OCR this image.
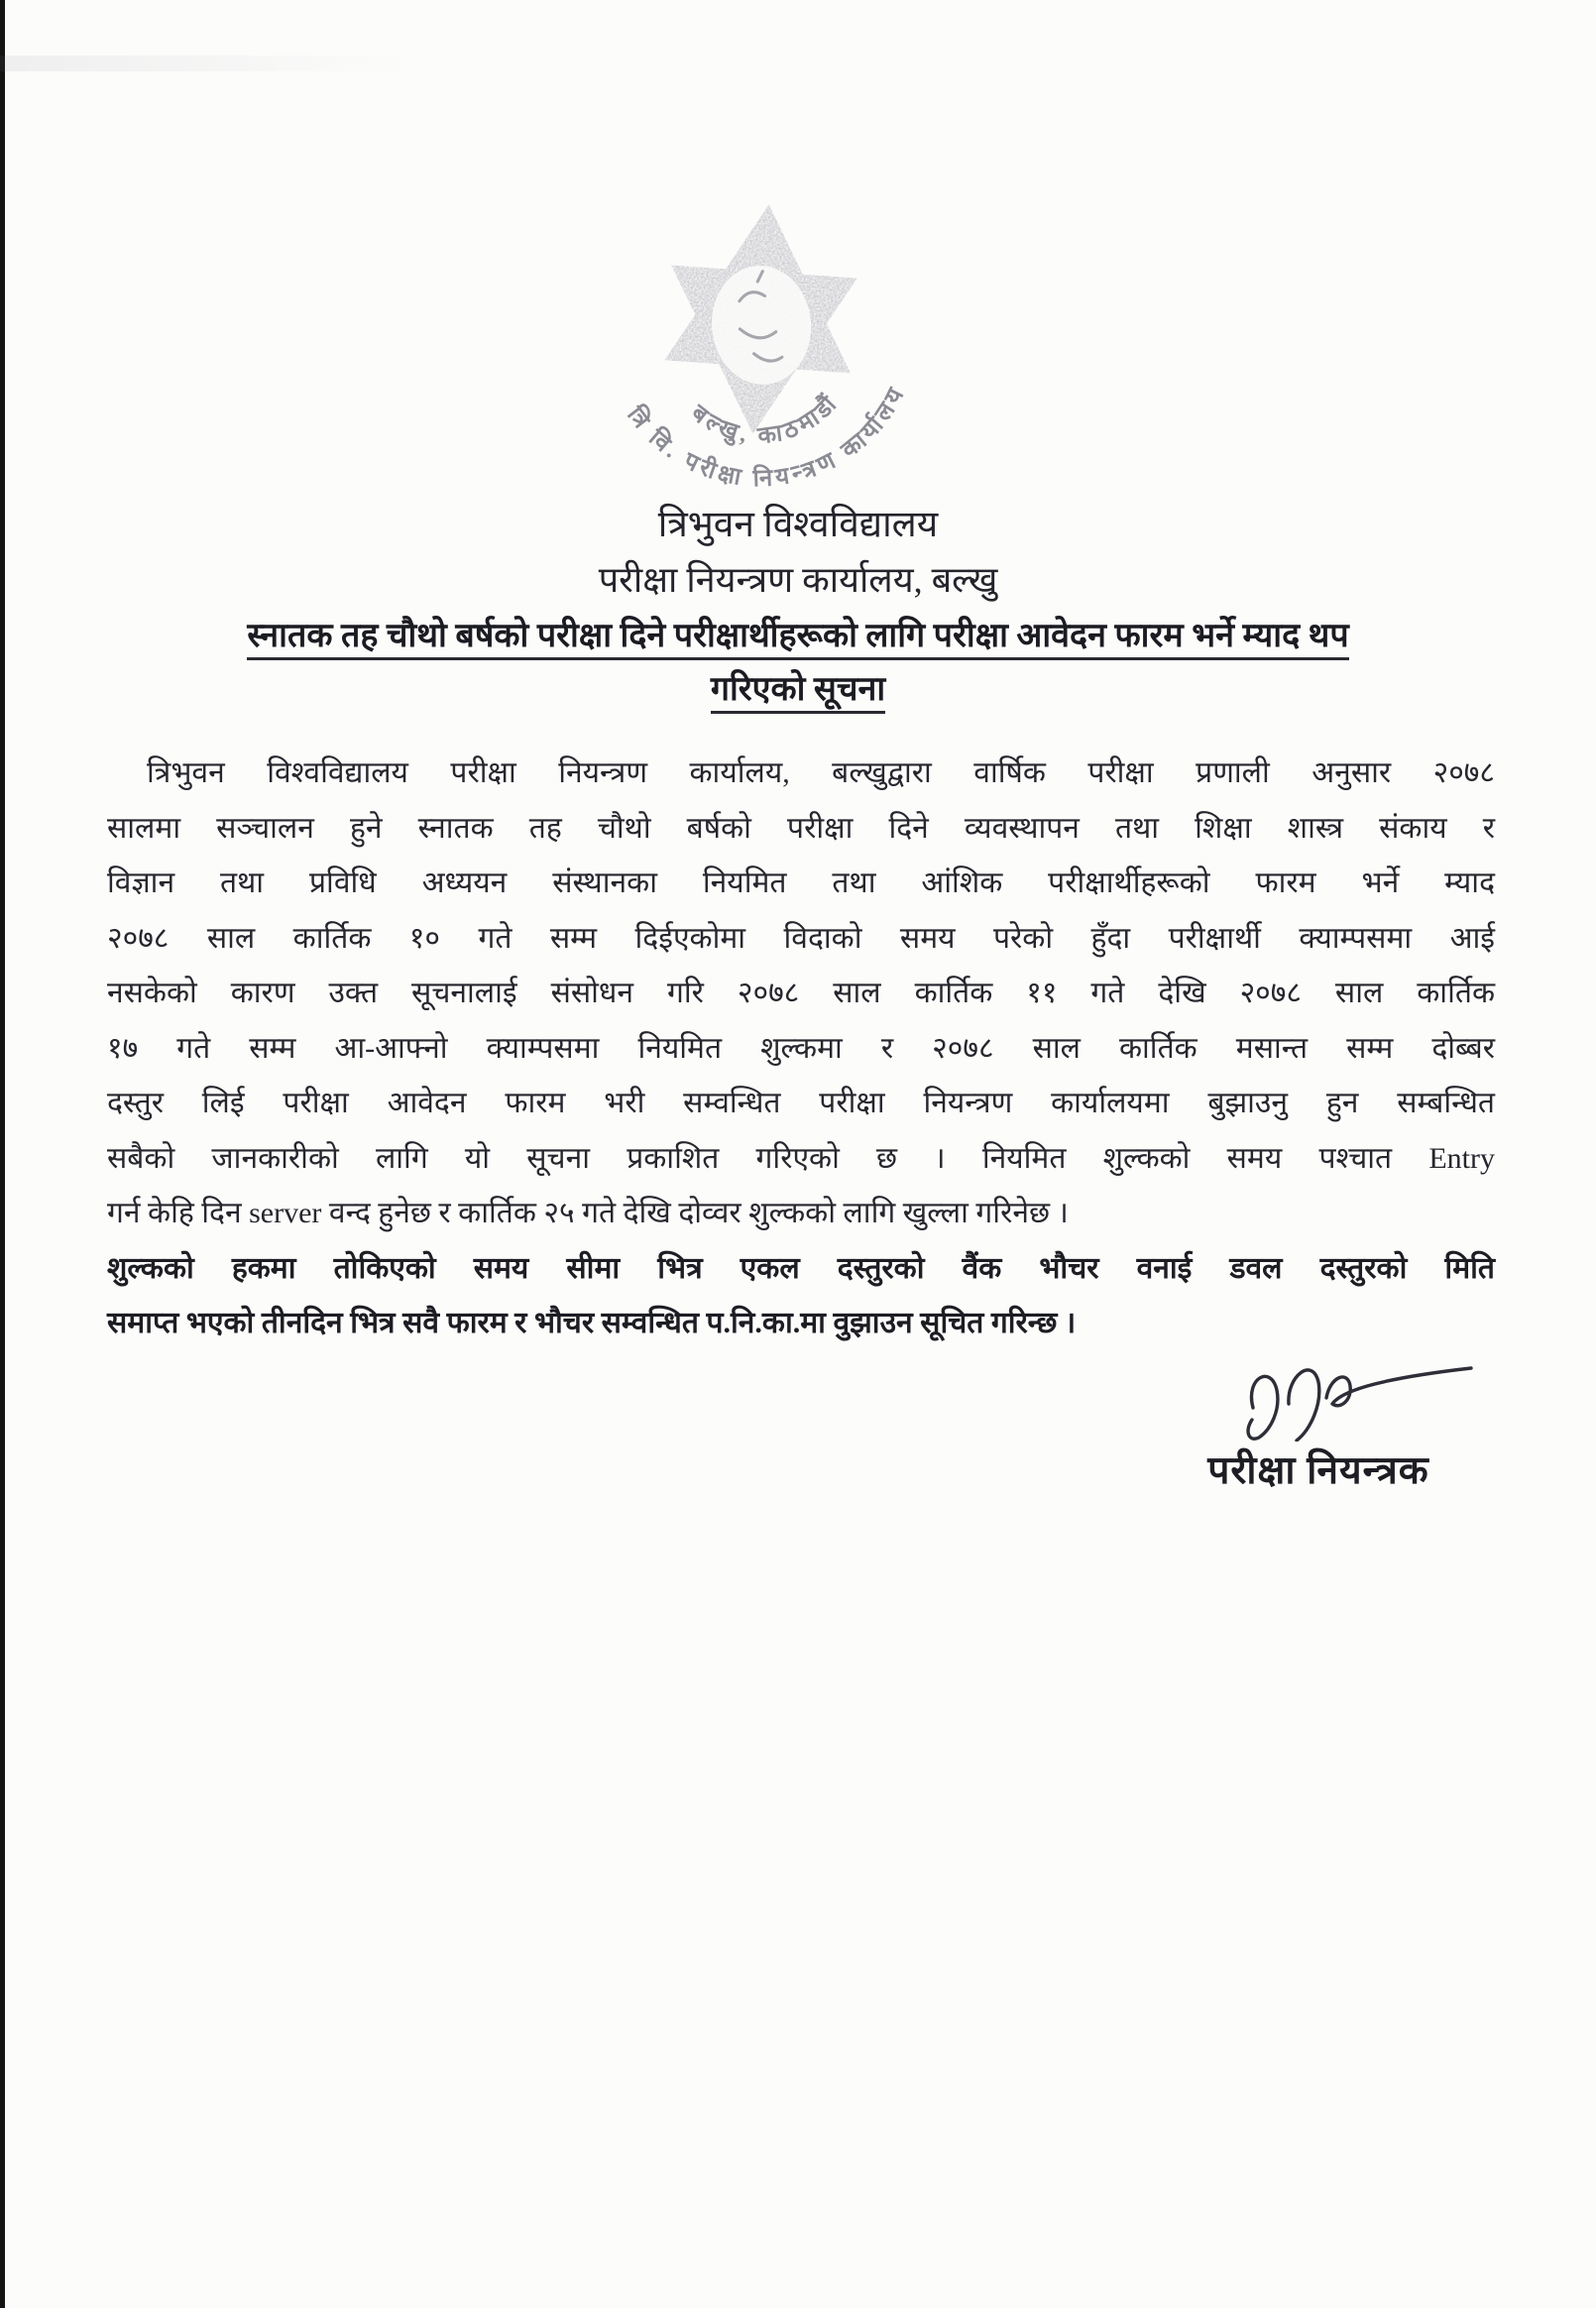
त्रि वि. परीक्षा नियन्त्रण कार्यालय
बल्खु, काठमाडौं
त्रिभुवन विश्वविद्यालय
परीक्षा नियन्त्रण कार्यालय, बल्खु
स्नातक तह चौथो बर्षको परीक्षा दिने परीक्षार्थीहरूको लागि परीक्षा आवेदन फारम भर्ने म्याद थप
गरिएको सूचना
त्रिभुवन विश्वविद्यालय परीक्षा नियन्त्रण कार्यालय, बल्खुद्वारा वार्षिक परीक्षा प्रणाली अनुसार २०७८
सालमा सञ्चालन हुने स्नातक तह चौथो बर्षको परीक्षा दिने व्यवस्थापन तथा शिक्षा शास्त्र संकाय र
विज्ञान तथा प्रविधि अध्ययन संस्थानका नियमित तथा आंशिक परीक्षार्थीहरूको फारम भर्ने म्याद
२०७८ साल कार्तिक १० गते सम्म दिईएकोमा विदाको समय परेको हुँदा परीक्षार्थी क्याम्पसमा आई
नसकेको कारण उक्त सूचनालाई संसोधन गरि २०७८ साल कार्तिक ११ गते देखि २०७८ साल कार्तिक
१७ गते सम्म आ-आफ्नो क्याम्पसमा नियमित शुल्कमा र २०७८ साल कार्तिक मसान्त सम्म दोब्बर
दस्तुर लिई परीक्षा आवेदन फारम भरी सम्वन्धित परीक्षा नियन्त्रण कार्यालयमा बुझाउनु हुन सम्बन्धित
सबैको जानकारीको लागि यो सूचना प्रकाशित गरिएको छ । नियमित शुल्कको समय पश्चात Entry
गर्न केहि दिन server वन्द हुनेछ र कार्तिक २५ गते देखि दोव्वर शुल्कको लागि खुल्ला गरिनेछ ।
शुल्कको हकमा तोकिएको समय सीमा भित्र एकल दस्तुरको वैंक भौचर वनाई डवल दस्तुरको मिति
समाप्त भएको तीनदिन भित्र सवै फारम र भौचर सम्वन्धित प.नि.का.मा वुझाउन सूचित गरिन्छ ।
परीक्षा नियन्त्रक
